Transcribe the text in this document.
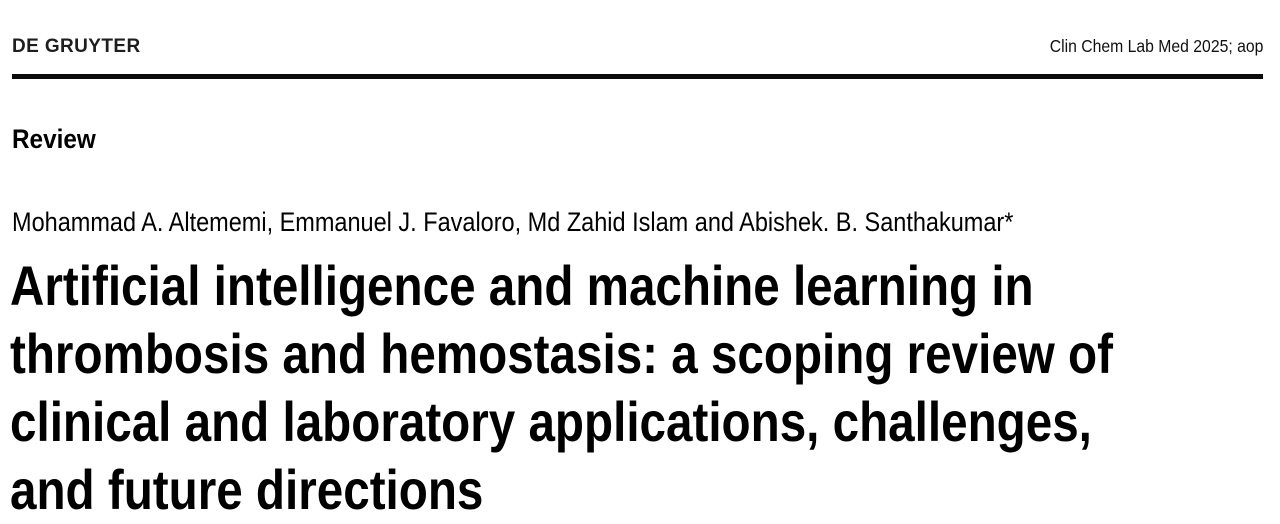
DE GRUYTER	Clin Chem Lab Med 2025; aop
Review
Mohammad A. Altememi, Emmanuel J. Favaloro, Md Zahid Islam and Abishek. B. Santhakumar*
Artificial intelligence and machine learning in
thrombosis and hemostasis: a scoping review of
clinical and laboratory applications, challenges,
and future directions
